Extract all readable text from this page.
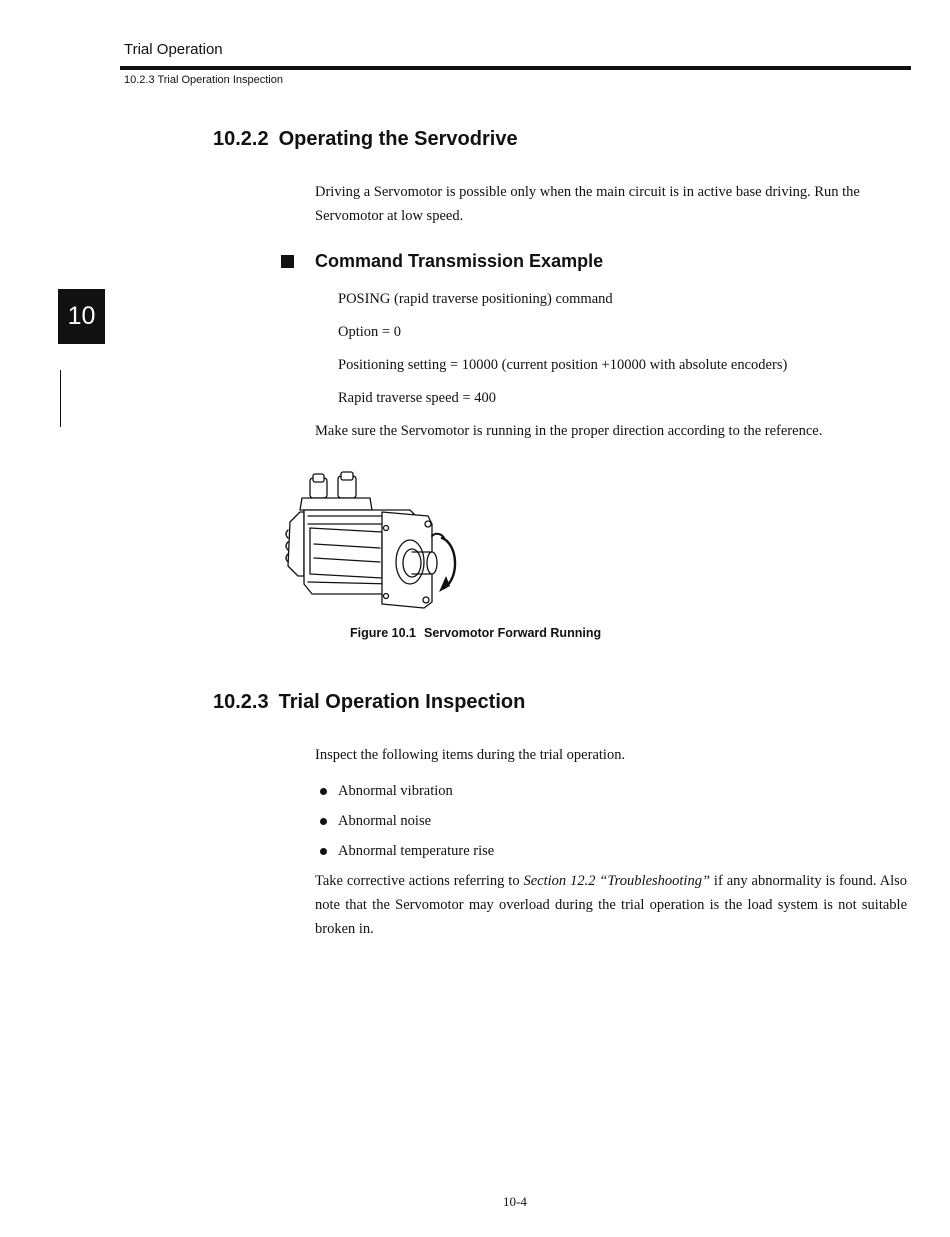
Trial Operation
10.2.3 Trial Operation Inspection
10
10.2.2 Operating the Servodrive

Driving a Servomotor is possible only when the main circuit is in active base driving. Run the Servomotor at low speed.

Command Transmission Example
POSING (rapid traverse positioning) command
Option = 0
Positioning setting = 10000 (current position +10000 with absolute encoders)
Rapid traverse speed = 400

Make sure the Servomotor is running in the proper direction according to the reference.

Figure 10.1 Servomotor Forward Running
10.2.3 Trial Operation Inspection

Inspect the following items during the trial operation.

Abnormal vibration
Abnormal noise
Abnormal temperature rise

Take corrective actions referring to Section 12.2 “Troubleshooting” if any abnormality is found. Also note that the Servomotor may overload during the trial operation is the load system is not suitable broken in.

10-4
